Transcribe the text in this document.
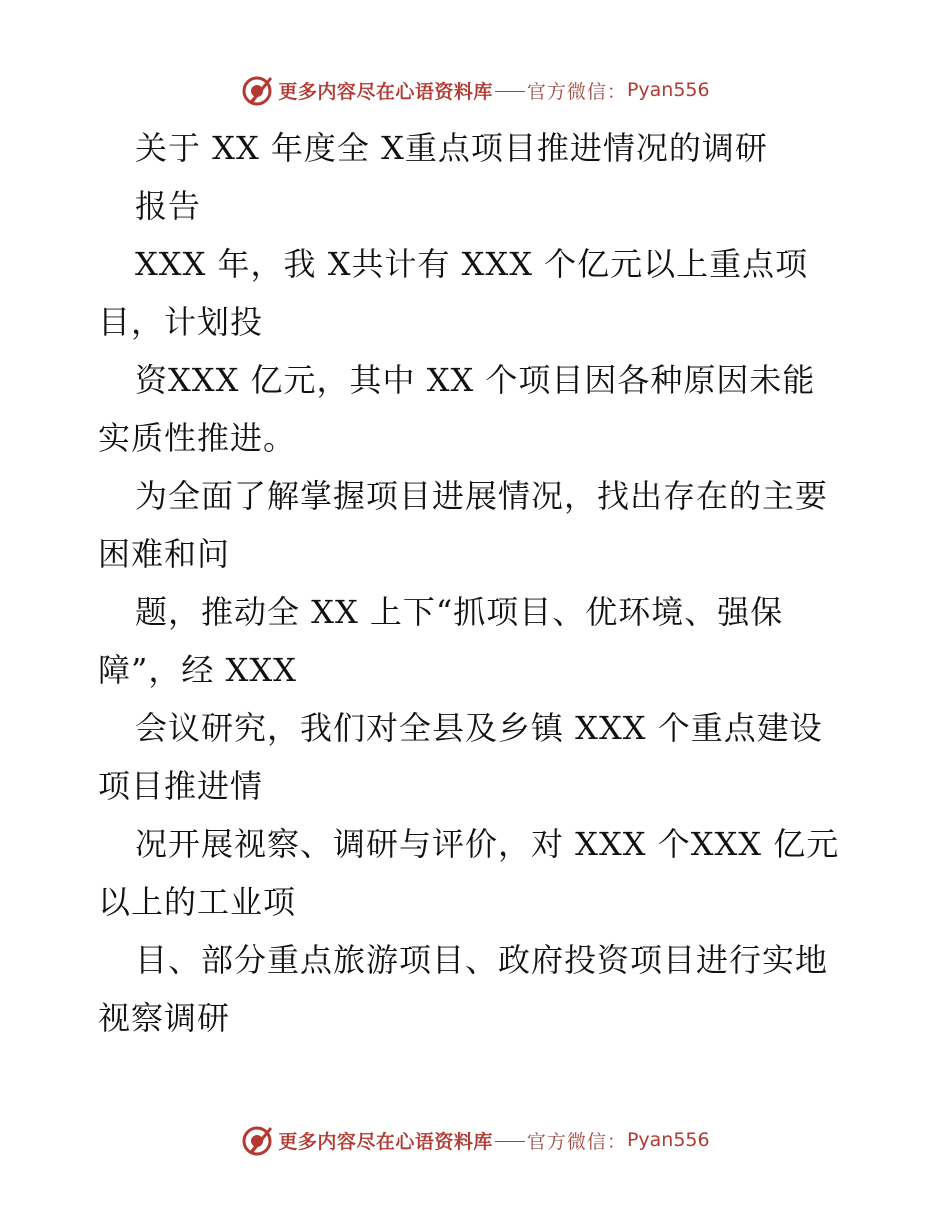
更多内容尽在心语资料库 官方微信： Pyan556
关于 XX 年度全 X重点项目推进情况的调研
报告
XXX 年，我 X共计有 XXX 个亿元以上重点项
目，计划投
资XXX 亿元，其中 XX 个项目因各种原因未能
实质性推进。
为全面了解掌握项目进展情况，找出存在的主要
困难和问
题，推动全 XX 上下“抓项目、优环境、强保
障”，经 XXX
会议研究，我们对全县及乡镇 XXX 个重点建设
项目推进情
况开展视察、调研与评价，对 XXX 个XXX 亿元
以上的工业项
目、部分重点旅游项目、政府投资项目进行实地
视察调研
更多内容尽在心语资料库 官方微信： Pyan556
